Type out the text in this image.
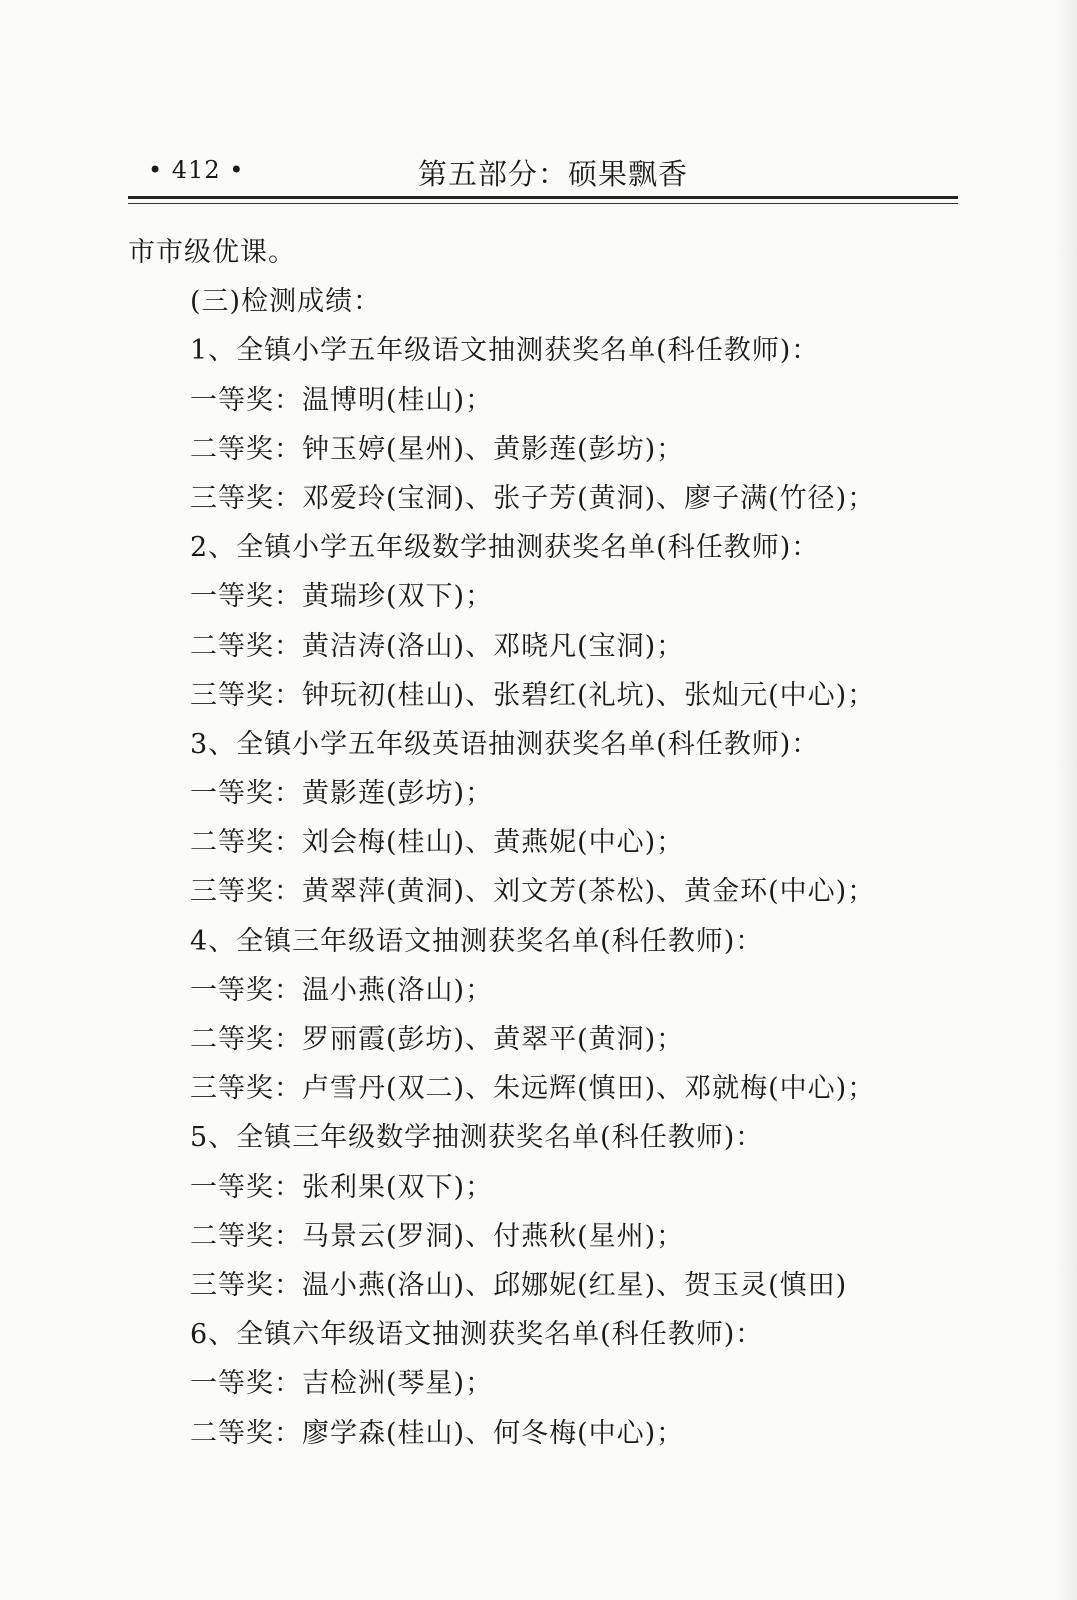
• 412 •	第五部分：硕果飘香
市市级优课。
(三)检测成绩：
1、全镇小学五年级语文抽测获奖名单(科任教师)：
一等奖：温博明(桂山)；
二等奖：钟玉婷(星州)、黄影莲(彭坊)；
三等奖：邓爱玲(宝洞)、张子芳(黄洞)、廖子满(竹径)；
2、全镇小学五年级数学抽测获奖名单(科任教师)：
一等奖：黄瑞珍(双下)；
二等奖：黄洁涛(洛山)、邓晓凡(宝洞)；
三等奖：钟玩初(桂山)、张碧红(礼坑)、张灿元(中心)；
3、全镇小学五年级英语抽测获奖名单(科任教师)：
一等奖：黄影莲(彭坊)；
二等奖：刘会梅(桂山)、黄燕妮(中心)；
三等奖：黄翠萍(黄洞)、刘文芳(茶松)、黄金环(中心)；
4、全镇三年级语文抽测获奖名单(科任教师)：
一等奖：温小燕(洛山)；
二等奖：罗丽霞(彭坊)、黄翠平(黄洞)；
三等奖：卢雪丹(双二)、朱远辉(慎田)、邓就梅(中心)；
5、全镇三年级数学抽测获奖名单(科任教师)：
一等奖：张利果(双下)；
二等奖：马景云(罗洞)、付燕秋(星州)；
三等奖：温小燕(洛山)、邱娜妮(红星)、贺玉灵(慎田)
6、全镇六年级语文抽测获奖名单(科任教师)：
一等奖：吉检洲(琴星)；
二等奖：廖学森(桂山)、何冬梅(中心)；
